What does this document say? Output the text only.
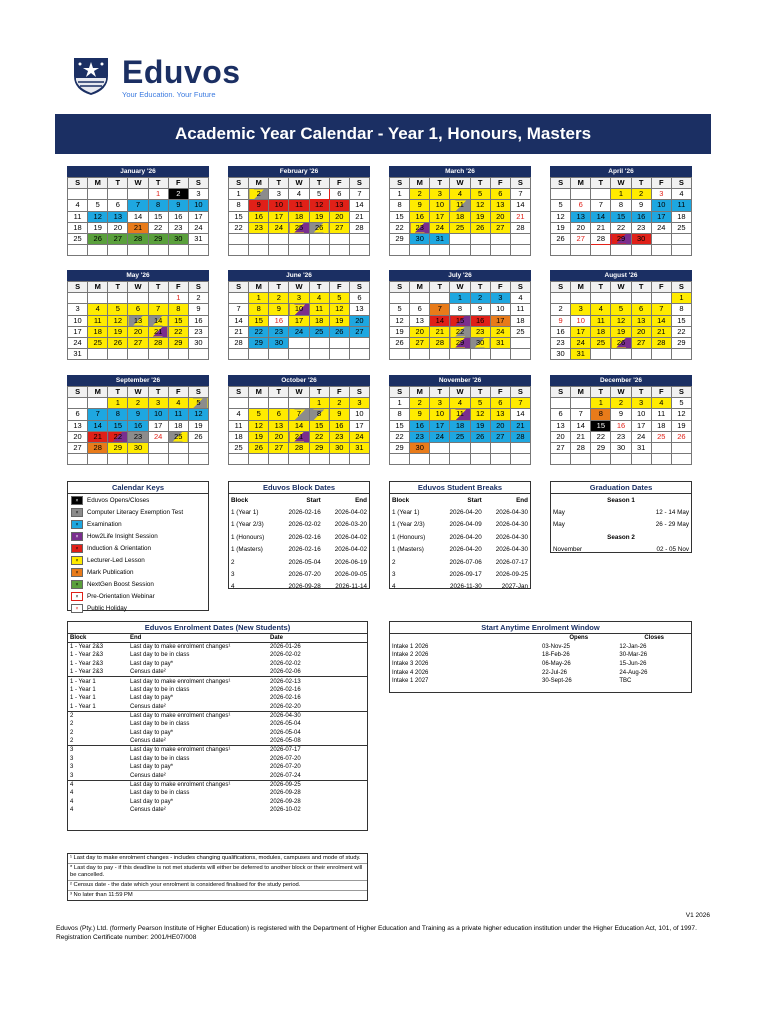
Eduvos
Your Education. Your Future
Academic Year Calendar - Year 1, Honours, Masters
January '26
S	M	T	W	T	F	S
				1	2	3
4	5	6	7	8	9	10
11	12	13	14	15	16	17
18	19	20	21	22	23	24
25	26	27	28	29	30	31

February '26
S	M	T	W	T	F	S
1	2	3	4	5	6	7
8	9	10	11	12	13	14
15	16	17	18	19	20	21
22	23	24	25	26	27	28

March '26
S	M	T	W	T	F	S
1	2	3	4	5	6	7
8	9	10	11	12	13	14
15	16	17	18	19	20	21
22	23	24	25	26	27	28
29	30	31				

April '26
S	M	T	W	T	F	S
			1	2	3	4
5	6	7	8	9	10	11
12	13	14	15	16	17	18
19	20	21	22	23	24	25
26	27	28	29	30		

May '26
S	M	T	W	T	F	S
					1	2
3	4	5	6	7	8	9
10	11	12	13	14	15	16
17	18	19	20	21	22	23
24	25	26	27	28	29	30
31						
June '26
S	M	T	W	T	F	S
	1	2	3	4	5	6
7	8	9	10	11	12	13
14	15	16	17	18	19	20
21	22	23	24	25	26	27
28	29	30				

July '26
S	M	T	W	T	F	S
			1	2	3	4
5	6	7	8	9	10	11
12	13	14	15	16	17	18
19	20	21	22	23	24	25
26	27	28	29	30	31	

August '26
S	M	T	W	T	F	S
						1
2	3	4	5	6	7	8
9	10	11	12	13	14	15
16	17	18	19	20	21	22
23	24	25	26	27	28	29
30	31					
September '26
S	M	T	W	T	F	S
		1	2	3	4	5
6	7	8	9	10	11	12
13	14	15	16	17	18	19
20	21	22	23	24	25	26
27	28	29	30			

October '26
S	M	T	W	T	F	S
				1	2	3
4	5	6	7	8	9	10
11	12	13	14	15	16	17
18	19	20	21	22	23	24
25	26	27	28	29	30	31

November '26
S	M	T	W	T	F	S
1	2	3	4	5	6	7
8	9	10	11	12	13	14
15	16	17	18	19	20	21
22	23	24	25	26	27	28
29	30					

December '26
S	M	T	W	T	F	S
		1	2	3	4	5
6	7	8	9	10	11	12
13	14	15	16	17	18	19
20	21	22	23	24	25	26
27	28	29	30	31		

Calendar Keys
× Eduvos Opens/Closes
× Computer Literacy Exemption Test
× Examination
× How2Life Insight Session
× Induction & Orientation
× Lecturer-Led Lesson
× Mark Publication
× NextGen Boost Session
× Pre-Orientation Webinar
× Public Holiday
Eduvos Block Dates
Block	Start	End
1 (Year 1)	2026-02-16	2026-04-02
1 (Year 2/3)	2026-02-02	2026-03-20
1 (Honours)	2026-02-16	2026-04-02
1 (Masters)	2026-02-16	2026-04-02
2	2026-05-04	2026-06-19
3	2026-07-20	2026-09-05
4	2026-09-28	2026-11-14
Eduvos Student Breaks
Block	Start	End
1 (Year 1)	2026-04-20	2026-04-30
1 (Year 2/3)	2026-04-09	2026-04-30
1 (Honours)	2026-04-20	2026-04-30
1 (Masters)	2026-04-20	2026-04-30
2	2026-07-06	2026-07-17
3	2026-09-17	2026-09-25
4	2026-11-30	2027-Jan
Graduation Dates
Season 1	
May	12 - 14 May
May	26 - 29 May
Season 2	
November	02 - 05 Nov
Eduvos Enrolment Dates (New Students)
Block	End	Date
1 - Year 2&3	Last day to make enrolment changes¹	2026-01-26
1 - Year 2&3	Last day to be in class	2026-02-02
1 - Year 2&3	Last day to pay*	2026-02-02
1 - Year 2&3	Census date²	2026-02-06
1 - Year 1	Last day to make enrolment changes¹	2026-02-13
1 - Year 1	Last day to be in class	2026-02-16
1 - Year 1	Last day to pay*	2026-02-16
1 - Year 1	Census date²	2026-02-20
2	Last day to make enrolment changes¹	2026-04-30
2	Last day to be in class	2026-05-04
2	Last day to pay*	2026-05-04
2	Census date²	2026-05-08
3	Last day to make enrolment changes¹	2026-07-17
3	Last day to be in class	2026-07-20
3	Last day to pay*	2026-07-20
3	Census date²	2026-07-24
4	Last day to make enrolment changes¹	2026-09-25
4	Last day to be in class	2026-09-28
4	Last day to pay*	2026-09-28
4	Census date²	2026-10-02
Start Anytime Enrolment Window
	Opens	Closes
Intake 1 2026	03-Nov-25	12-Jan-26
Intake 2 2026	18-Feb-26	30-Mar-26
Intake 3 2026	06-May-26	15-Jun-26
Intake 4 2026	22-Jul-26	24-Aug-26
Intake 1 2027	30-Sept-26	TBC
¹ Last day to make enrolment changes - includes changing qualifications, modules, campuses and mode of study.
* Last day to pay - if this deadline is not met students will either be deferred to another block or their enrolment will be cancelled.
² Census date - the date which your enrolment is considered finalised for the study period.
³ No later than 11:59 PM
V1 2026
Eduvos (Pty.) Ltd. (formerly Pearson Institute of Higher Education) is registered with the Department of Higher Education and Training as a private higher education institution under the Higher Education Act, 101, of 1997. Registration Certificate number: 2001/HE07/008
